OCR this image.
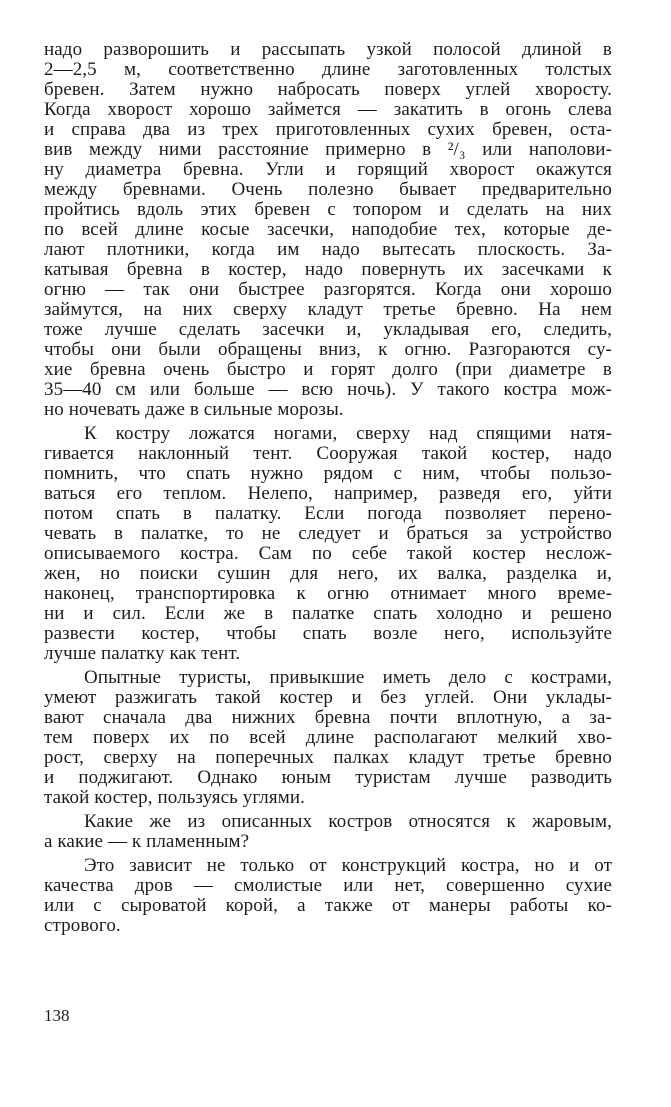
надо разворошить и рассыпать узкой полосой длиной в
2—2,5 м, соответственно длине заготовленных толстых
бревен. Затем нужно набросать поверх углей хворосту.
Когда хворост хорошо займется — закатить в огонь слева
и справа два из трех приготовленных сухих бревен, оста-
вив между ними расстояние примерно в ²/₃ или наполови-
ну диаметра бревна. Угли и горящий хворост окажутся
между бревнами. Очень полезно бывает предварительно
пройтись вдоль этих бревен с топором и сделать на них
по всей длине косые засечки, наподобие тех, которые де-
лают плотники, когда им надо вытесать плоскость. За-
катывая бревна в костер, надо повернуть их засечками к
огню — так они быстрее разгорятся. Когда они хорошо
займутся, на них сверху кладут третье бревно. На нем
тоже лучше сделать засечки и, укладывая его, следить,
чтобы они были обращены вниз, к огню. Разгораются су-
хие бревна очень быстро и горят долго (при диаметре в
35—40 см или больше — всю ночь). У такого костра мож-
но ночевать даже в сильные морозы.
К костру ложатся ногами, сверху над спящими натя-
гивается наклонный тент. Сооружая такой костер, надо
помнить, что спать нужно рядом с ним, чтобы пользо-
ваться его теплом. Нелепо, например, разведя его, уйти
потом спать в палатку. Если погода позволяет перено-
чевать в палатке, то не следует и браться за устройство
описываемого костра. Сам по себе такой костер неслож-
жен, но поиски сушин для него, их валка, разделка и,
наконец, транспортировка к огню отнимает много време-
ни и сил. Если же в палатке спать холодно и решено
развести костер, чтобы спать возле него, используйте
лучше палатку как тент.
Опытные туристы, привыкшие иметь дело с кострами,
умеют разжигать такой костер и без углей. Они уклады-
вают сначала два нижних бревна почти вплотную, а за-
тем поверх их по всей длине располагают мелкий хво-
рост, сверху на поперечных палках кладут третье бревно
и поджигают. Однако юным туристам лучше разводить
такой костер, пользуясь углями.
Какие же из описанных костров относятся к жаровым,
а какие — к пламенным?
Это зависит не только от конструкций костра, но и от
качества дров — смолистые или нет, совершенно сухие
или с сыроватой корой, а также от манеры работы ко-
стрового.
138
